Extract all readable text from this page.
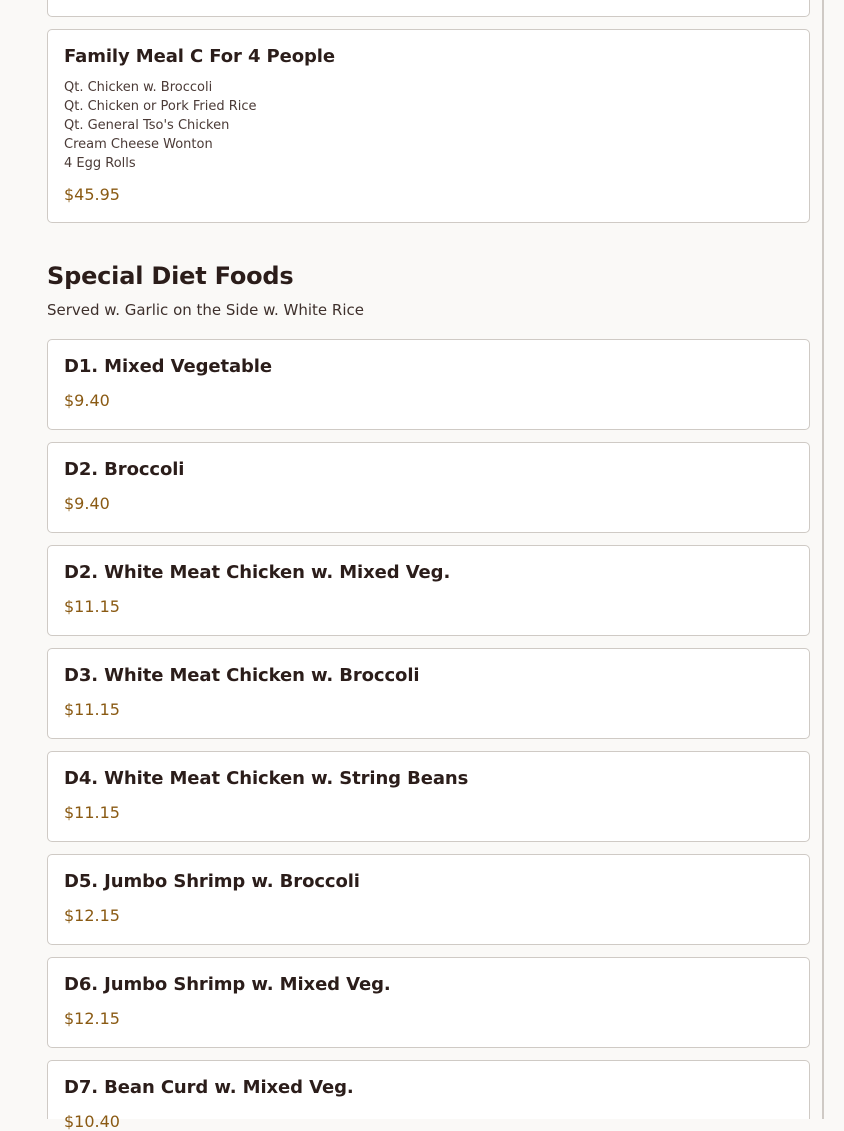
Family Meal C For 4 People
Qt. Chicken w. Broccoli
Qt. Chicken or Pork Fried Rice
Qt. General Tso's Chicken
Cream Cheese Wonton
4 Egg Rolls
$45.95
Special Diet Foods
Served w. Garlic on the Side w. White Rice
D1. Mixed Vegetable
$9.40
D2. Broccoli
$9.40
D2. White Meat Chicken w. Mixed Veg.
$11.15
D3. White Meat Chicken w. Broccoli
$11.15
D4. White Meat Chicken w. String Beans
$11.15
D5. Jumbo Shrimp w. Broccoli
$12.15
D6. Jumbo Shrimp w. Mixed Veg.
$12.15
D7. Bean Curd w. Mixed Veg.
$10.40
